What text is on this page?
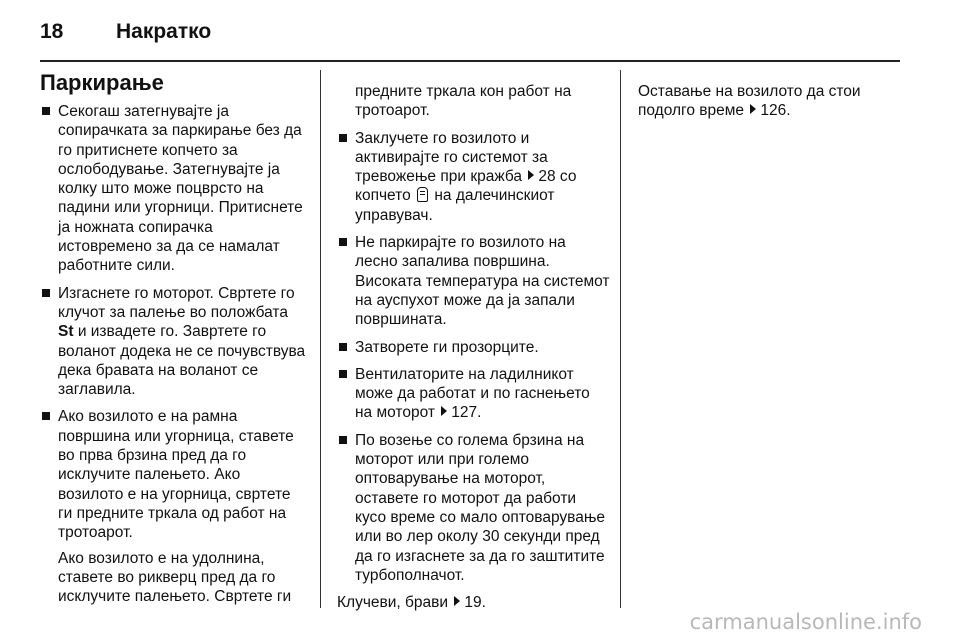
18	Накратко
Паркирање

Секогаш затегнувајте ја сопирачката за паркирање без да го притиснете копчето за ослободување. Затегнувајте ја колку што може поцврсто на падини или угорници. Притиснете ја ножната сопирачка истовремено за да се намалат работните сили.

Изгаснете го моторот. Свртете го клучот за палење во положбата St и извадете го. Завртете го воланот додека не се почувствува дека бравата на воланот се заглавила.

Ако возилото е на рамна површина или угорница, ставете во прва брзина пред да го исклучите палењето. Ако возилото е на угорница, свртете ги предните тркала од работ на тротоарот.

Ако возилото е на удолнина, ставете во рикверц пред да го исклучите палењето. Свртете ги

предните тркала кон работ на тротоарот.

Заклучете го возилото и активирајте го системот за тревожење при кражба 28 со копчето на далечинскиот управувач.

Не паркирајте го возилото на лесно запалива површина. Високата температура на системот на ауспухот може да ја запали површината.

Затворете ги прозорците.

Вентилаторите на ладилникот може да работат и по гаснењето на моторот 127.

По возење со голема брзина на моторот или при големо оптоварување на моторот, оставете го моторот да работи кусо време со мало оптоварување или во лер околу 30 секунди пред да го изгаснете за да го заштитите турбополначот.

Клучеви, брави 19.

Оставање на возилото да стои подолго време 126.

carmanualsonline.info
